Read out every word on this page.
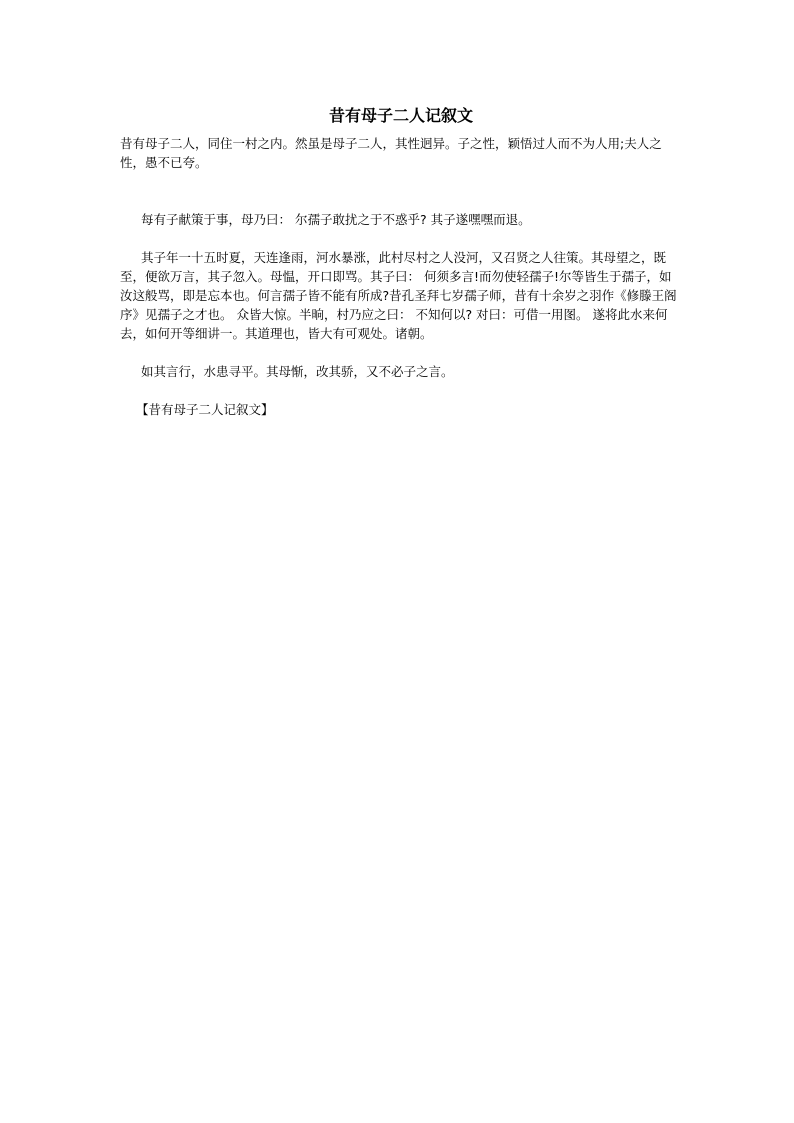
昔有母子二人记叙文

昔有母子二人，同住一村之内。然虽是母子二人，其性迥异。子之性，颖悟过人而不为人用;夫人之性，愚不已夸。

每有子献策于事，母乃曰： 尔孺子敢扰之于不惑乎? 其子遂嘿嘿而退。

其子年一十五时夏，天连逢雨，河水暴涨，此村尽村之人没河，又召贤之人往策。其母望之，既至，便欲万言，其子忽入。母愠，开口即骂。其子曰： 何须多言!而勿使轻孺子!尔等皆生于孺子，如汝这般骂，即是忘本也。何言孺子皆不能有所成?昔孔圣拜七岁孺子师，昔有十余岁之羽作《修滕王阁序》见孺子之才也。 众皆大惊。半晌，村乃应之曰： 不知何以? 对曰：可借一用图。 遂将此水来何去，如何开等细讲一。其道理也，皆大有可观处。诸朝。

如其言行，水患寻平。其母惭，改其骄，又不必子之言。

【昔有母子二人记叙文】
